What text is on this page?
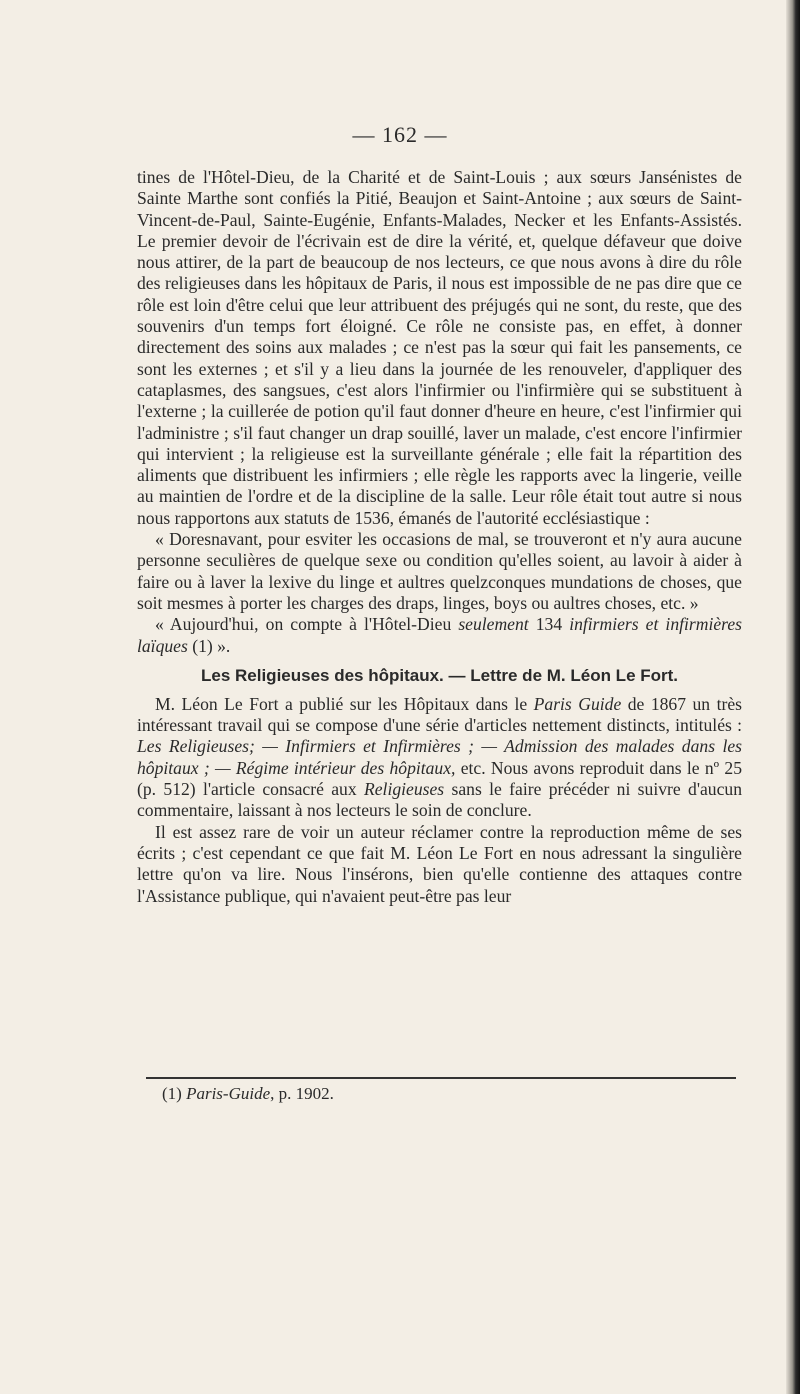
— 162 —

tines de l'Hôtel-Dieu, de la Charité et de Saint-Louis ; aux sœurs Jansénistes de Sainte Marthe sont confiés la Pitié, Beaujon et Saint-Antoine ; aux sœurs de Saint-Vincent-de-Paul, Sainte-Eugénie, Enfants-Malades, Necker et les Enfants-Assistés. Le premier devoir de l'écrivain est de dire la vérité, et, quelque défaveur que doive nous attirer, de la part de beaucoup de nos lecteurs, ce que nous avons à dire du rôle des religieuses dans les hôpitaux de Paris, il nous est impossible de ne pas dire que ce rôle est loin d'être celui que leur attribuent des préjugés qui ne sont, du reste, que des souvenirs d'un temps fort éloigné. Ce rôle ne consiste pas, en effet, à donner directement des soins aux malades ; ce n'est pas la sœur qui fait les pansements, ce sont les externes ; et s'il y a lieu dans la journée de les renouveler, d'appliquer des cataplasmes, des sangsues, c'est alors l'infirmier ou l'infirmière qui se substituent à l'externe ; la cuillerée de potion qu'il faut donner d'heure en heure, c'est l'infirmier qui l'administre ; s'il faut changer un drap souillé, laver un malade, c'est encore l'infirmier qui intervient ; la religieuse est la surveillante générale ; elle fait la répartition des aliments que distribuent les infirmiers ; elle règle les rapports avec la lingerie, veille au maintien de l'ordre et de la discipline de la salle. Leur rôle était tout autre si nous nous rapportons aux statuts de 1536, émanés de l'autorité ecclésiastique :

« Doresnavant, pour esviter les occasions de mal, se trouveront et n'y aura aucune personne seculières de quelque sexe ou condition qu'elles soient, au lavoir à aider à faire ou à laver la lexive du linge et aultres quelzconques mundations de choses, que soit mesmes à porter les charges des draps, linges, boys ou aultres choses, etc. »

« Aujourd'hui, on compte à l'Hôtel-Dieu seulement 134 infirmiers et infirmières laïques (1) ».

Les Religieuses des hôpitaux. — Lettre de M. Léon Le Fort.

M. Léon Le Fort a publié sur les Hôpitaux dans le Paris Guide de 1867 un très intéressant travail qui se compose d'une série d'articles nettement distincts, intitulés : Les Religieuses; — Infirmiers et Infirmières ; — Admission des malades dans les hôpitaux ; — Régime intérieur des hôpitaux, etc. Nous avons reproduit dans le nº 25 (p. 512) l'article consacré aux Religieuses sans le faire précéder ni suivre d'aucun commentaire, laissant à nos lecteurs le soin de conclure.

Il est assez rare de voir un auteur réclamer contre la reproduction même de ses écrits ; c'est cependant ce que fait M. Léon Le Fort en nous adressant la singulière lettre qu'on va lire. Nous l'insérons, bien qu'elle contienne des attaques contre l'Assistance publique, qui n'avaient peut-être pas leur

(1) Paris-Guide, p. 1902.
